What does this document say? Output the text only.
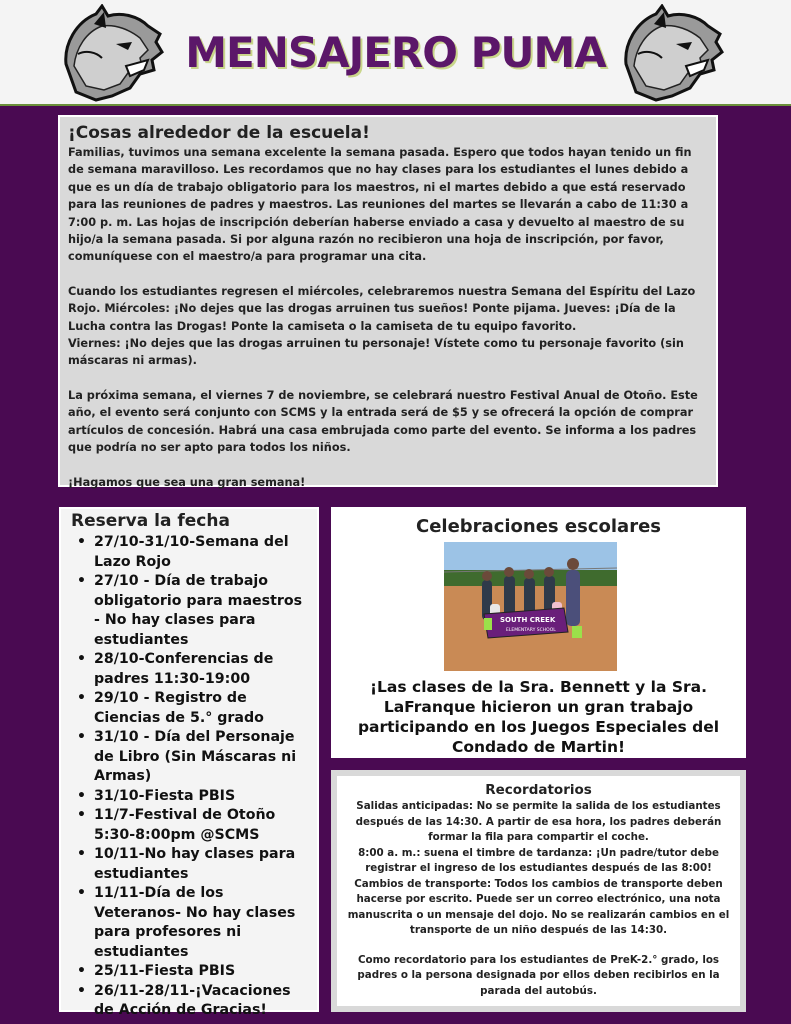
MENSAJERO PUMA
¡Cosas alrededor de la escuela!

Familias, tuvimos una semana excelente la semana pasada. Espero que todos hayan tenido un fin de semana maravilloso. Les recordamos que no hay clases para los estudiantes el lunes debido a que es un día de trabajo obligatorio para los maestros, ni el martes debido a que está reservado para las reuniones de padres y maestros. Las reuniones del martes se llevarán a cabo de 11:30 a 7:00 p. m. Las hojas de inscripción deberían haberse enviado a casa y devuelto al maestro de su hijo/a la semana pasada. Si por alguna razón no recibieron una hoja de inscripción, por favor, comuníquese con el maestro/a para programar una cita.

Cuando los estudiantes regresen el miércoles, celebraremos nuestra Semana del Espíritu del Lazo Rojo. Miércoles: ¡No dejes que las drogas arruinen tus sueños! Ponte pijama. Jueves: ¡Día de la Lucha contra las Drogas! Ponte la camiseta o la camiseta de tu equipo favorito.

Viernes: ¡No dejes que las drogas arruinen tu personaje! Vístete como tu personaje favorito (sin máscaras ni armas).

La próxima semana, el viernes 7 de noviembre, se celebrará nuestro Festival Anual de Otoño. Este año, el evento será conjunto con SCMS y la entrada será de $5 y se ofrecerá la opción de comprar artículos de concesión. Habrá una casa embrujada como parte del evento. Se informa a los padres que podría no ser apto para todos los niños.

¡Hagamos que sea una gran semana!

Reserva la fecha
• 27/10-31/10-Semana del Lazo Rojo
• 27/10 - Día de trabajo obligatorio para maestros - No hay clases para estudiantes
• 28/10-Conferencias de padres 11:30-19:00
• 29/10 - Registro de Ciencias de 5.° grado
• 31/10 - Día del Personaje de Libro (Sin Máscaras ni Armas)
• 31/10-Fiesta PBIS
• 11/7-Festival de Otoño 5:30-8:00pm @SCMS
• 10/11-No hay clases para estudiantes
• 11/11-Día de los Veteranos- No hay clases para profesores ni estudiantes
• 25/11-Fiesta PBIS
• 26/11-28/11-¡Vacaciones de Acción de Gracias!
Celebraciones escolares
SOUTH CREEK
ELEMENTARY SCHOOL
¡Las clases de la Sra. Bennett y la Sra. LaFranque hicieron un gran trabajo participando en los Juegos Especiales del Condado de Martin!
Recordatorios

Salidas anticipadas: No se permite la salida de los estudiantes después de las 14:30. A partir de esa hora, los padres deberán formar la fila para compartir el coche.

8:00 a. m.: suena el timbre de tardanza: ¡Un padre/tutor debe registrar el ingreso de los estudiantes después de las 8:00!

Cambios de transporte: Todos los cambios de transporte deben hacerse por escrito. Puede ser un correo electrónico, una nota manuscrita o un mensaje del dojo. No se realizarán cambios en el transporte de un niño después de las 14:30.

Como recordatorio para los estudiantes de PreK-2.° grado, los padres o la persona designada por ellos deben recibirlos en la parada del autobús.
